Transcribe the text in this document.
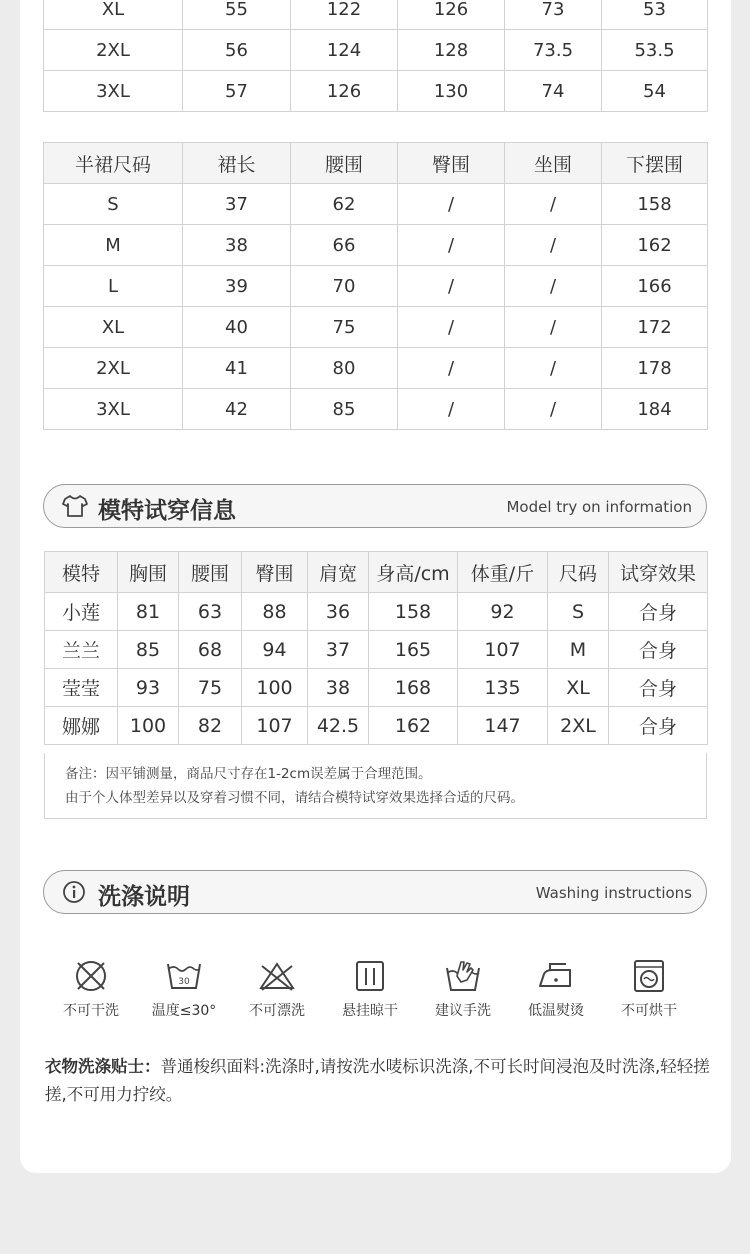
XL	55	122	126	73	53
2XL	56	124	128	73.5	53.5
3XL	57	126	130	74	54
半裙尺码	裙长	腰围	臀围	坐围	下摆围
S	37	62	/	/	158
M	38	66	/	/	162
L	39	70	/	/	166
XL	40	75	/	/	172
2XL	41	80	/	/	178
3XL	42	85	/	/	184
模特试穿信息	Model try on information
模特	胸围	腰围	臀围	肩宽	身高/cm	体重/斤	尺码	试穿效果
小莲	81	63	88	36	158	92	S	合身
兰兰	85	68	94	37	165	107	M	合身
莹莹	93	75	100	38	168	135	XL	合身
娜娜	100	82	107	42.5	162	147	2XL	合身
备注：因平铺测量，商品尺寸存在1-2cm误差属于合理范围。
由于个人体型差异以及穿着习惯不同，请结合模特试穿效果选择合适的尺码。
洗涤说明	Washing instructions
不可干洗
30
温度≤30°	不可漂洗	悬挂晾干	建议手洗	低温熨烫	不可烘干
衣物洗涤贴士：普通梭织面料:洗涤时,请按洗水唛标识洗涤,不可长时间浸泡及时洗涤,轻轻搓搓,不可用力拧绞。
